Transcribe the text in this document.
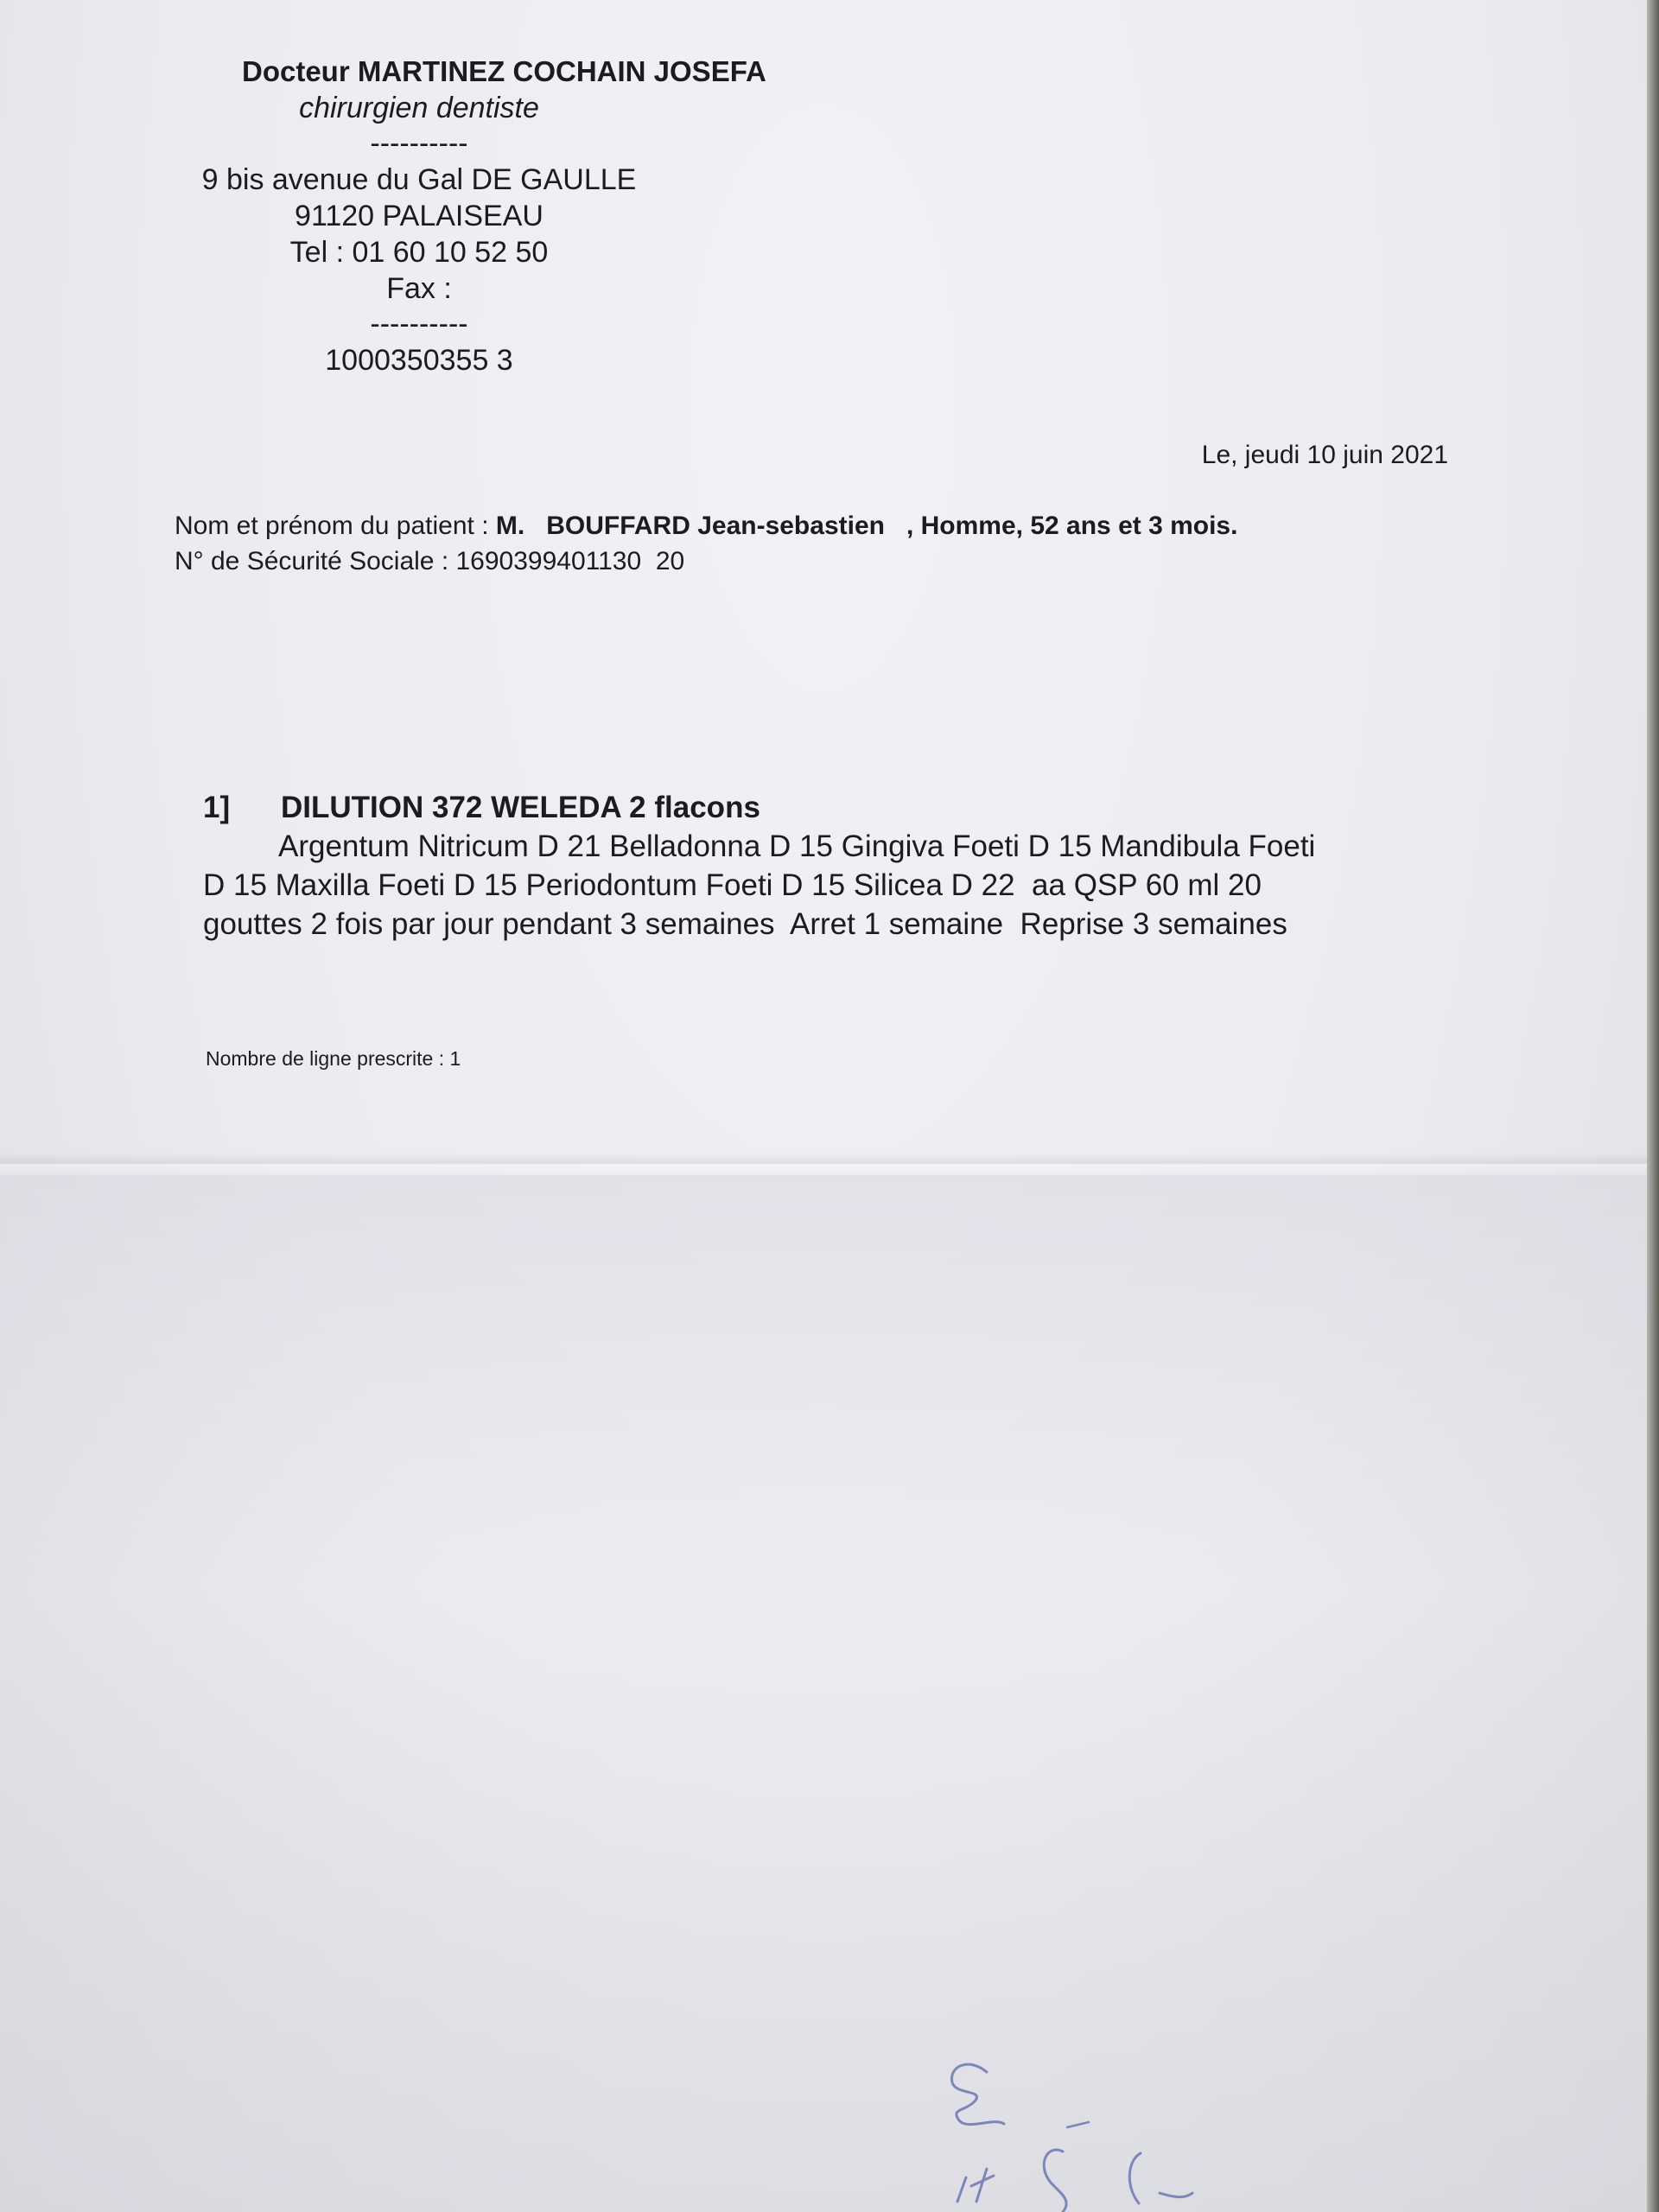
Docteur MARTINEZ COCHAIN JOSEFA
chirurgien dentiste
----------
9 bis avenue du Gal DE GAULLE
91120 PALAISEAU
Tel : 01 60 10 52 50
Fax :
----------
1000350355 3
Le, jeudi 10 juin 2021
Nom et prénom du patient : M.   BOUFFARD Jean-sebastien   , Homme, 52 ans et 3 mois.
N° de Sécurité Sociale : 1690399401130  20
1] DILUTION 372 WELEDA 2 flacons
Argentum Nitricum D 21 Belladonna D 15 Gingiva Foeti D 15 Mandibula Foeti
D 15 Maxilla Foeti D 15 Periodontum Foeti D 15 Silicea D 22  aa QSP 60 ml 20
gouttes 2 fois par jour pendant 3 semaines  Arret 1 semaine  Reprise 3 semaines
Nombre de ligne prescrite : 1
